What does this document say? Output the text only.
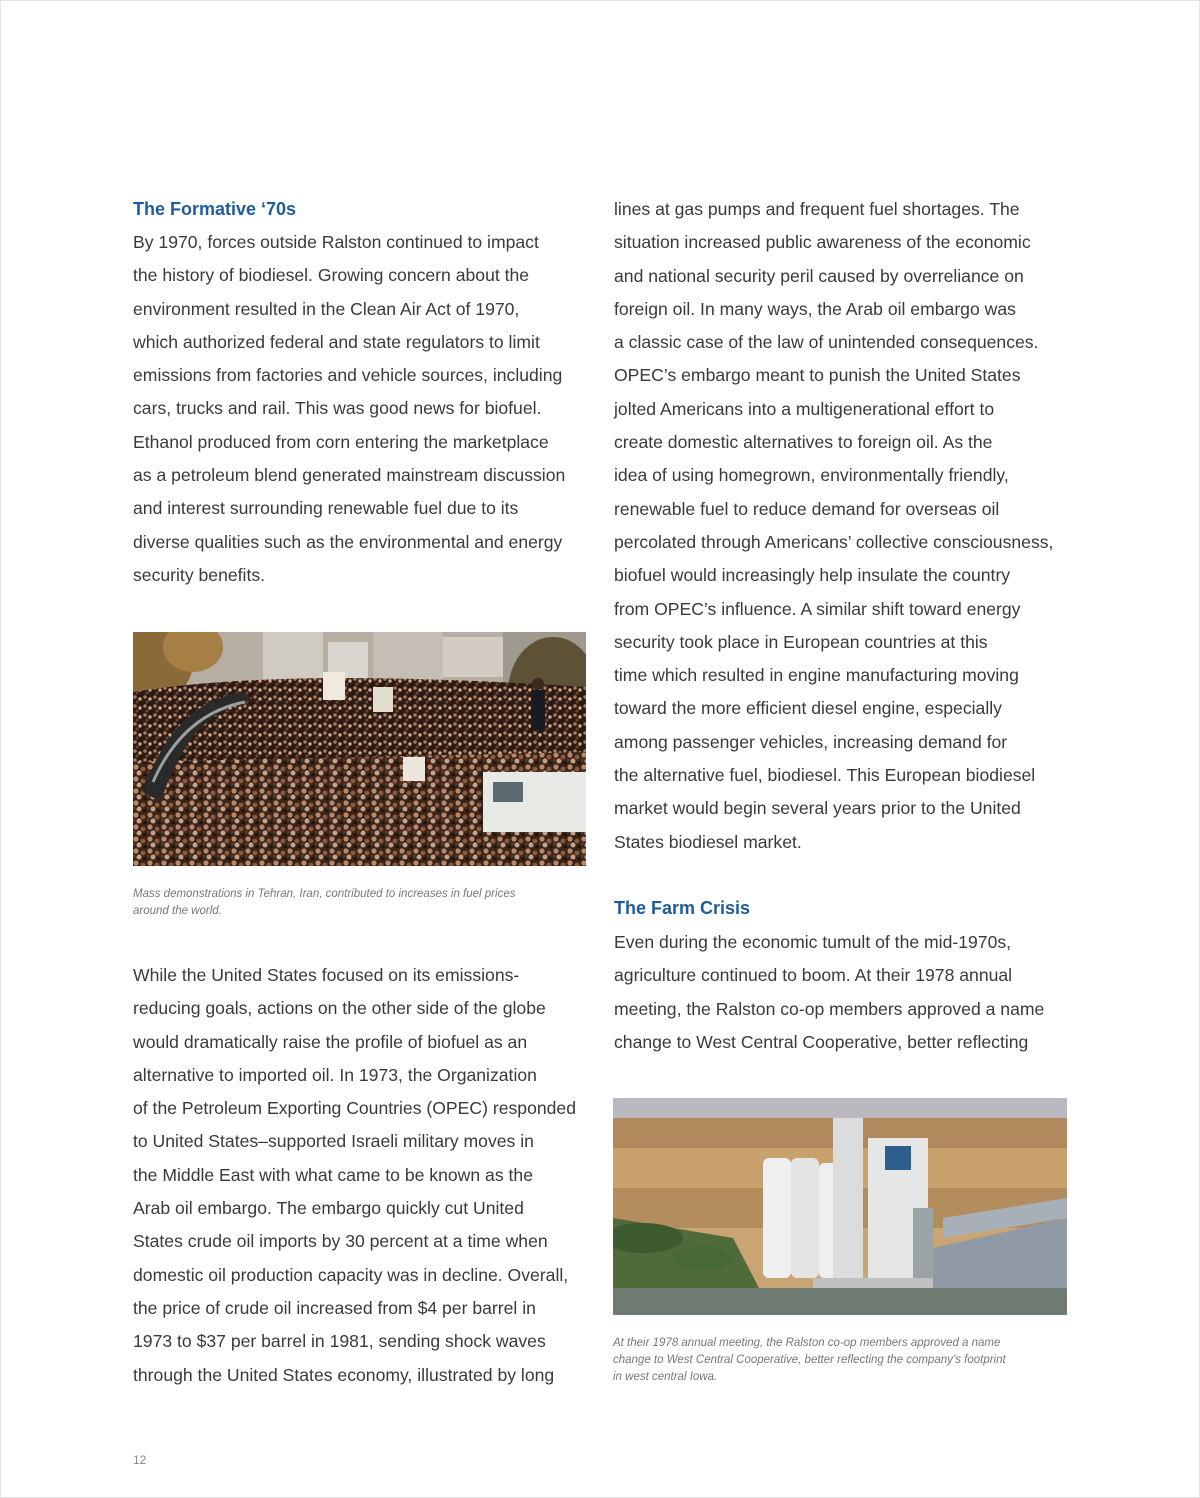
The Formative ‘70s
By 1970, forces outside Ralston continued to impact
the history of biodiesel. Growing concern about the
environment resulted in the Clean Air Act of 1970,
which authorized federal and state regulators to limit
emissions from factories and vehicle sources, including
cars, trucks and rail. This was good news for biofuel.
Ethanol produced from corn entering the marketplace
as a petroleum blend generated mainstream discussion
and interest surrounding renewable fuel due to its
diverse qualities such as the environmental and energy
security benefits.

Mass demonstrations in Tehran, Iran, contributed to increases in fuel prices
around the world.

While the United States focused on its emissions-
reducing goals, actions on the other side of the globe
would dramatically raise the profile of biofuel as an
alternative to imported oil. In 1973, the Organization
of the Petroleum Exporting Countries (OPEC) responded
to United States–supported Israeli military moves in
the Middle East with what came to be known as the
Arab oil embargo. The embargo quickly cut United
States crude oil imports by 30 percent at a time when
domestic oil production capacity was in decline. Overall,
the price of crude oil increased from $4 per barrel in
1973 to $37 per barrel in 1981, sending shock waves
through the United States economy, illustrated by long
lines at gas pumps and frequent fuel shortages. The
situation increased public awareness of the economic
and national security peril caused by overreliance on
foreign oil. In many ways, the Arab oil embargo was
a classic case of the law of unintended consequences.
OPEC’s embargo meant to punish the United States
jolted Americans into a multigenerational effort to
create domestic alternatives to foreign oil. As the
idea of using homegrown, environmentally friendly,
renewable fuel to reduce demand for overseas oil
percolated through Americans’ collective consciousness,
biofuel would increasingly help insulate the country
from OPEC’s influence. A similar shift toward energy
security took place in European countries at this
time which resulted in engine manufacturing moving
toward the more efficient diesel engine, especially
among passenger vehicles, increasing demand for
the alternative fuel, biodiesel. This European biodiesel
market would begin several years prior to the United
States biodiesel market.
The Farm Crisis
Even during the economic tumult of the mid-1970s,
agriculture continued to boom. At their 1978 annual
meeting, the Ralston co-op members approved a name
change to West Central Cooperative, better reflecting

At their 1978 annual meeting, the Ralston co-op members approved a name
change to West Central Cooperative, better reflecting the company’s footprint
in west central Iowa.

12
